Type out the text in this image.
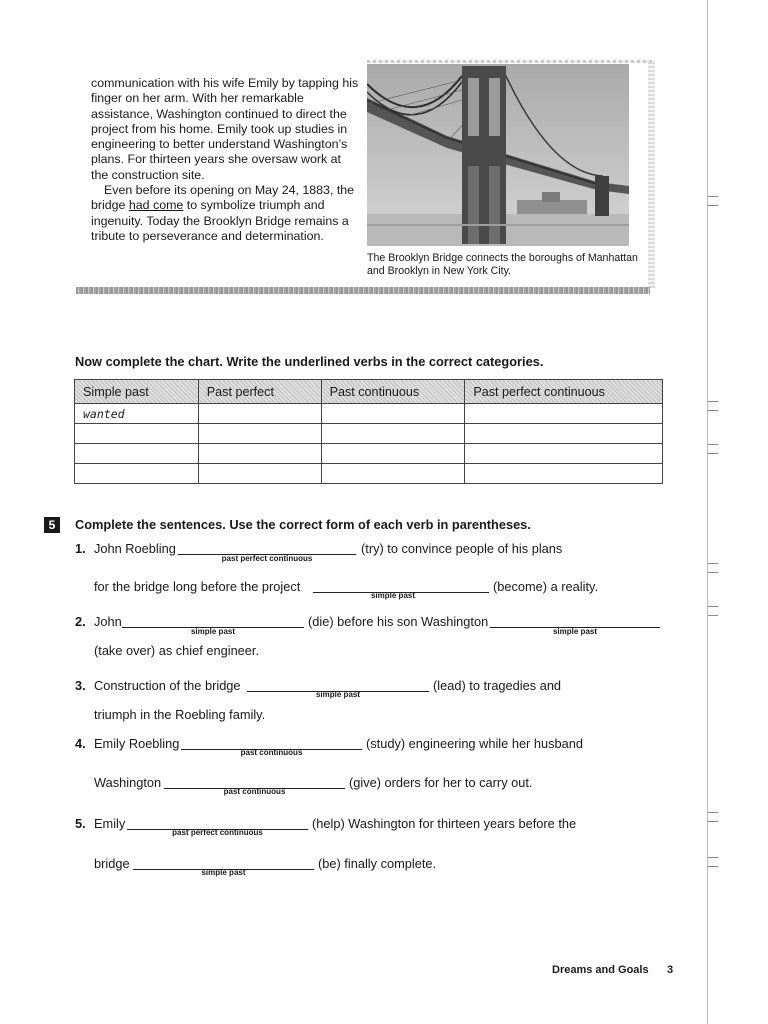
communication with his wife Emily by tapping his finger on her arm. With her remarkable assistance, Washington continued to direct the project from his home. Emily took up studies in engineering to better understand Washington’s plans. For thirteen years she oversaw work at the construction site.

Even before its opening on May 24, 1883, the bridge had come to symbolize triumph and ingenuity. Today the Brooklyn Bridge remains a tribute to perseverance and determination.

The Brooklyn Bridge connects the boroughs of Manhattan and Brooklyn in New York City.
Now complete the chart. Write the underlined verbs in the correct categories.
Simple past	Past perfect	Past continuous	Past perfect continuous
wanted			

5	Complete the sentences. Use the correct form of each verb in parentheses.
1. John Roebling
past perfect continuous
(try) to convince people of his plans
for the bridge long before the project
simple past
(become) a reality.
2. John
simple past
(die) before his son Washington
simple past
(take over) as chief engineer.
3. Construction of the bridge
simple past
(lead) to tragedies and
triumph in the Roebling family.
4. Emily Roebling
past continuous
(study) engineering while her husband
Washington
past continuous
(give) orders for her to carry out.
5. Emily
past perfect continuous
(help) Washington for thirteen years before the
bridge
simple past
(be) finally complete.
Dreams and Goals 3
